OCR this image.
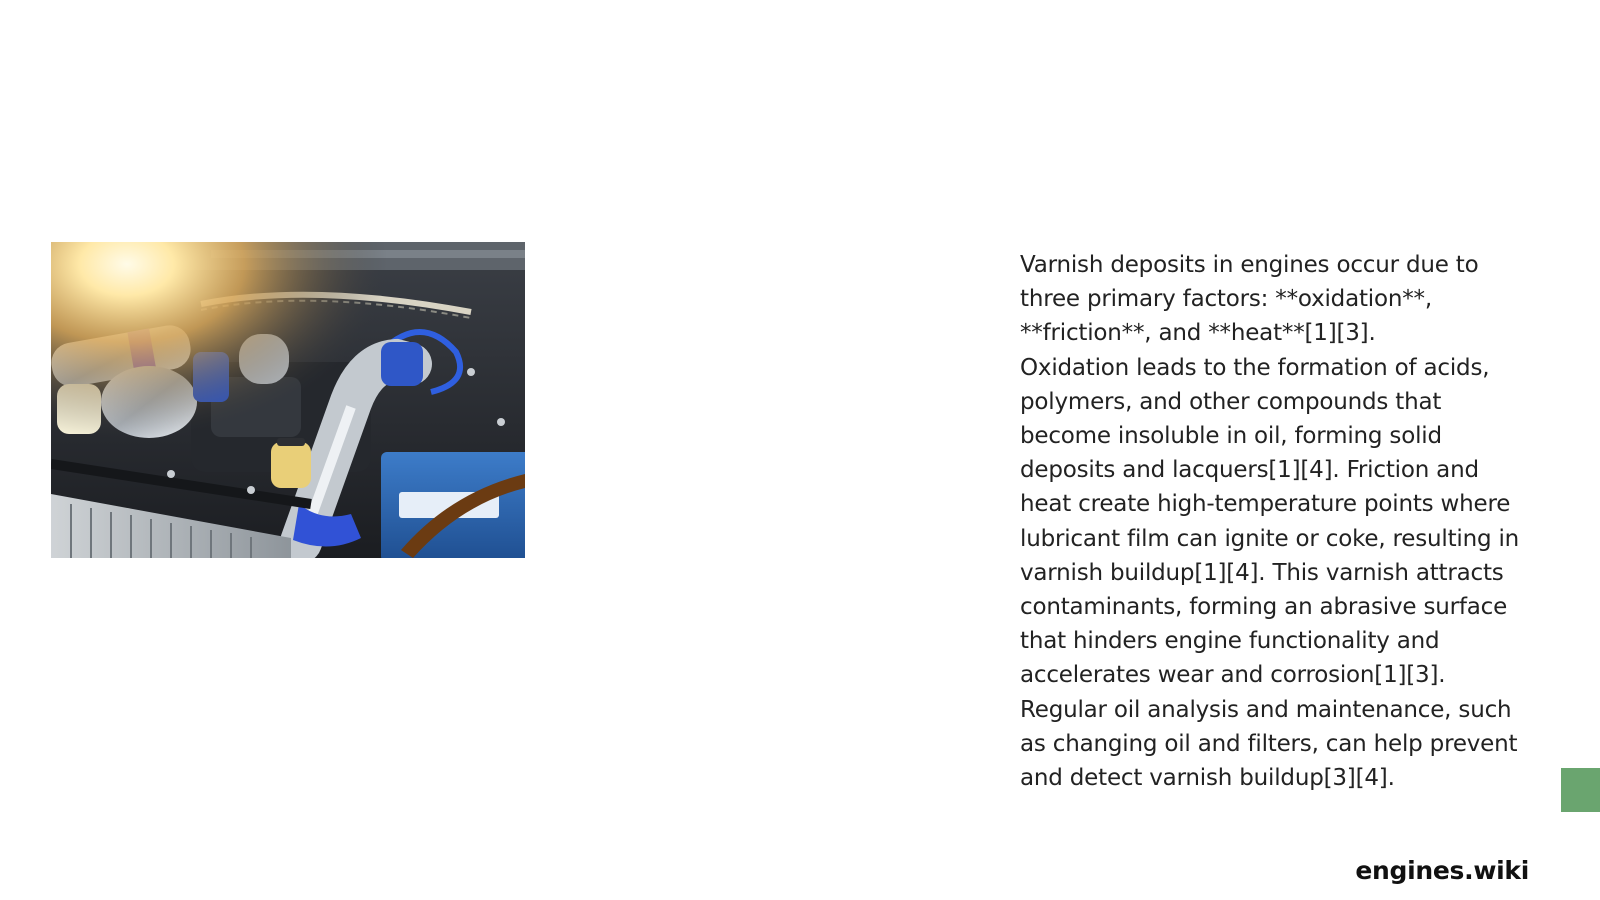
Varnish deposits in engines occur due to three primary factors: **oxidation**, **friction**, and **heat**[1][3].

Oxidation leads to the formation of acids, polymers, and other compounds that become insoluble in oil, forming solid deposits and lacquers[1][4]. Friction and heat create high-temperature points where lubricant film can ignite or coke, resulting in varnish buildup[1][4]. This varnish attracts contaminants, forming an abrasive surface that hinders engine functionality and accelerates wear and corrosion[1][3]. Regular oil analysis and maintenance, such as changing oil and filters, can help prevent and detect varnish buildup[3][4].

engines.wiki
